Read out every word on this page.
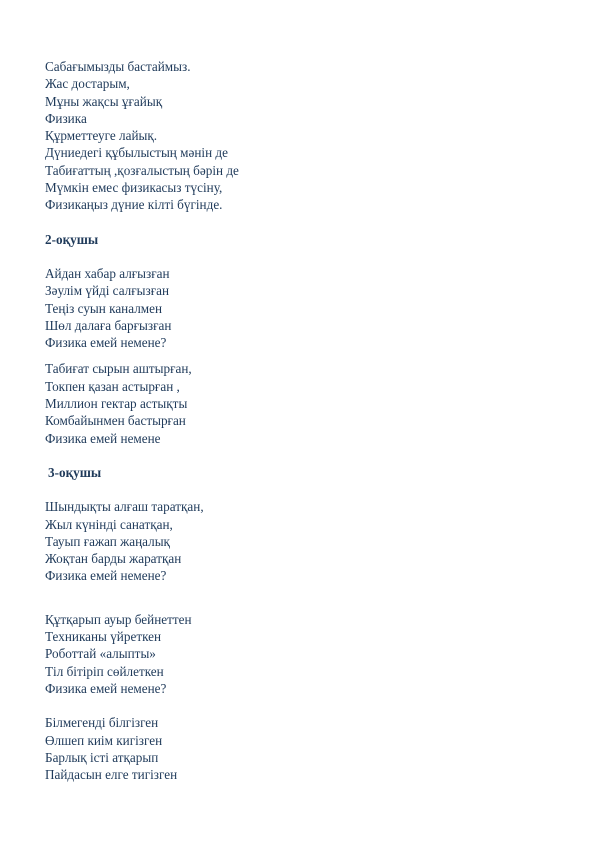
Сабағымызды бастаймыз.
Жас достарым,
Мұны жақсы ұғайық
Физика
Құрметтеуге лайық.
Дүниедегі құбылыстың мәнін де
Табиғаттың ,қозғалыстың бәрін де
Мүмкін емес физикасыз түсіну,
Физикаңыз дүние кілті бүгінде.
2-оқушы
Айдан хабар алғызған
Зәулім үйді салғызған
Теңіз суын каналмен
Шөл далаға барғызған
Физика емей немене?
Табиғат сырын аштырған,
Токпен қазан астырған ,
Миллион гектар астықты
Комбайынмен бастырған
Физика емей немене
3-оқушы
Шындықты алғаш таратқан,
Жыл күнінді санатқан,
Тауып ғажап жаңалық
Жоқтан барды жаратқан
Физика емей немене?
Құтқарып ауыр бейнеттен
Техниканы үйреткен
Роботтай «алыпты»
Тіл бітіріп сөйлеткен
Физика емей немене?
Білмегенді білгізген
Өлшеп киім кигізген
Барлық істі атқарып
Пайдасын елге тигізген
